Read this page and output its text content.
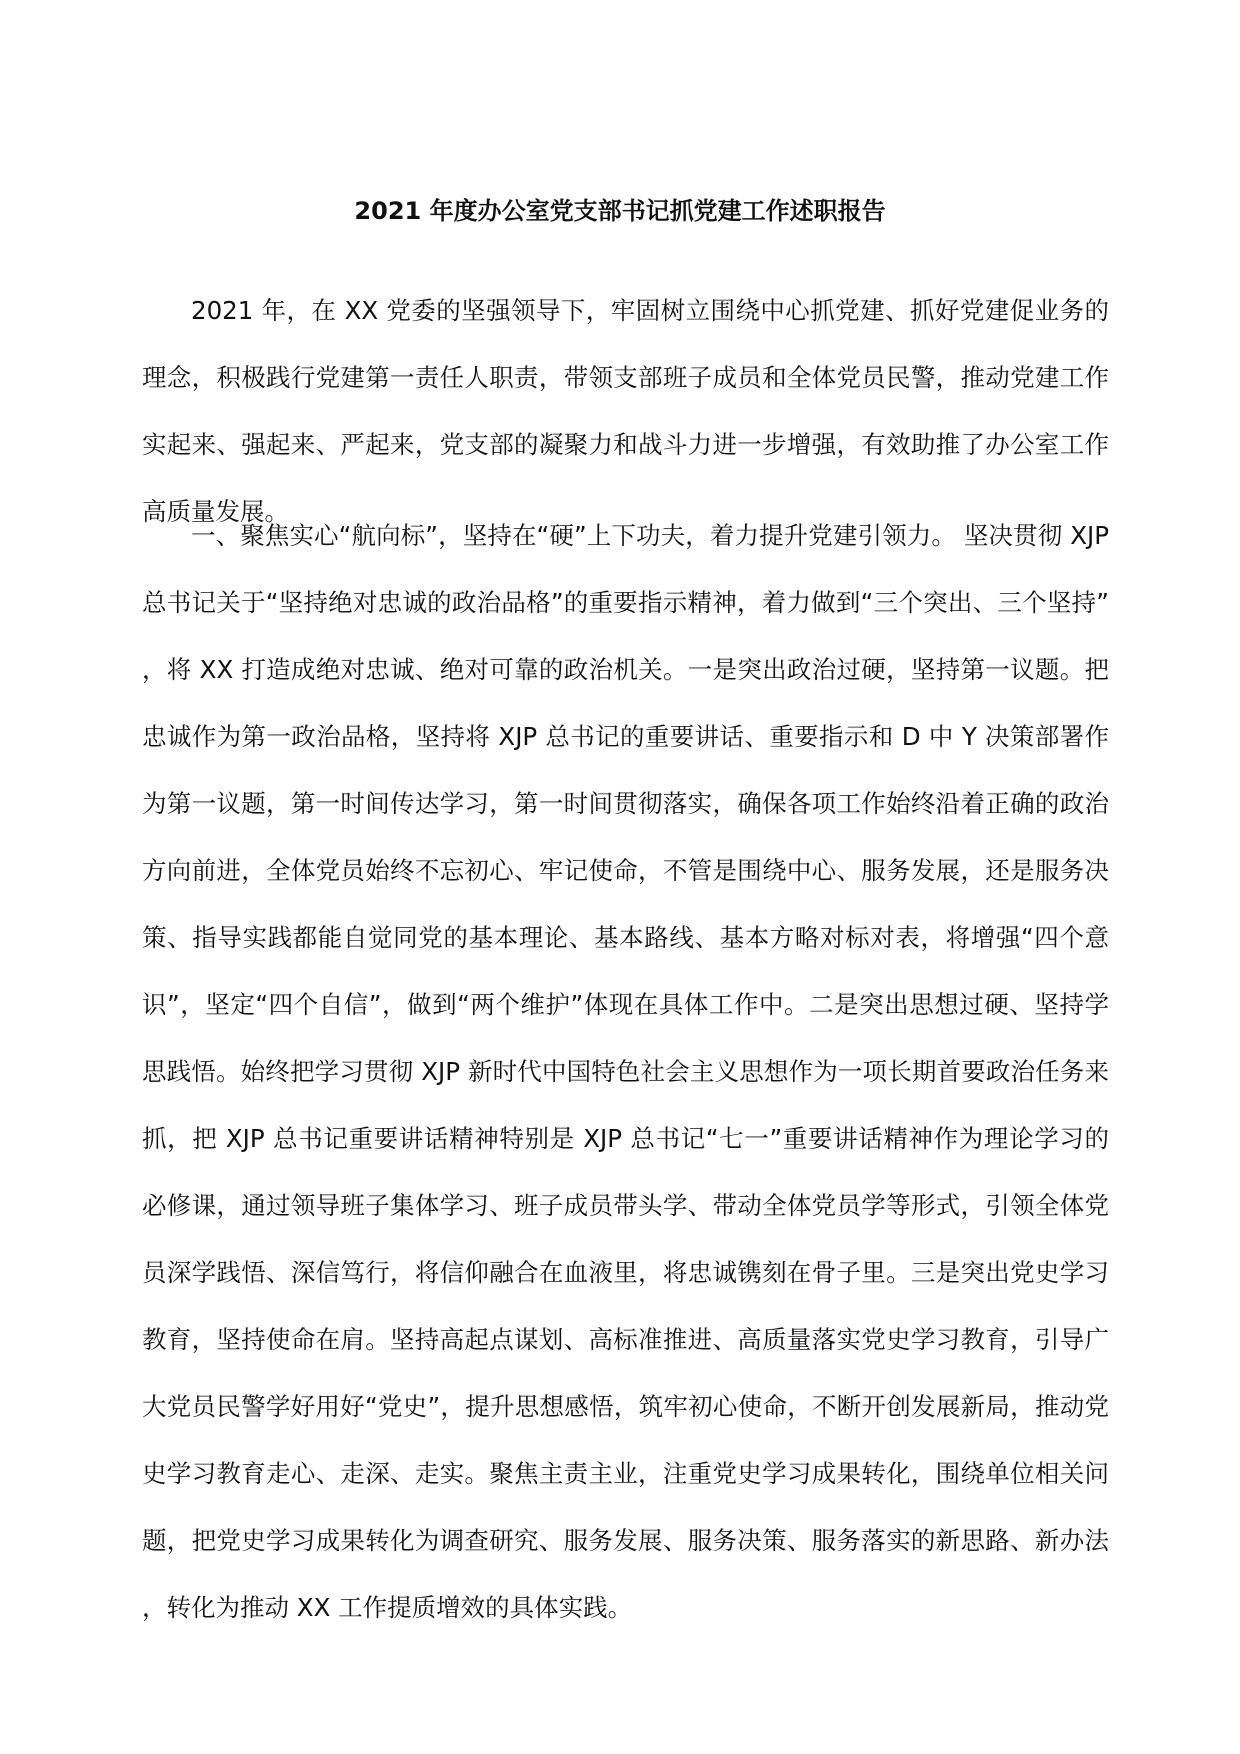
2021 年度办公室党支部书记抓党建工作述职报告

2021 年，在 XX 党委的坚强领导下，牢固树立围绕中心抓党建、抓好党建促业务的理念，积极践行党建第一责任人职责，带领支部班子成员和全体党员民警，推动党建工作实起来、强起来、严起来，党支部的凝聚力和战斗力进一步增强，有效助推了办公室工作高质量发展。

一、聚焦实心“航向标”，坚持在“硬”上下功夫，着力提升党建引领力。 坚决贯彻 XJP 总书记关于“坚持绝对忠诚的政治品格”的重要指示精神，着力做到“三个突出、三个坚持”，将 XX 打造成绝对忠诚、绝对可靠的政治机关。一是突出政治过硬，坚持第一议题。把忠诚作为第一政治品格，坚持将 XJP 总书记的重要讲话、重要指示和 D 中 Y 决策部署作为第一议题，第一时间传达学习，第一时间贯彻落实，确保各项工作始终沿着正确的政治方向前进，全体党员始终不忘初心、牢记使命，不管是围绕中心、服务发展，还是服务决策、指导实践都能自觉同党的基本理论、基本路线、基本方略对标对表，将增强“四个意识”，坚定“四个自信”，做到“两个维护”体现在具体工作中。二是突出思想过硬、坚持学思践悟。始终把学习贯彻 XJP 新时代中国特色社会主义思想作为一项长期首要政治任务来抓，把 XJP 总书记重要讲话精神特别是 XJP 总书记“七一”重要讲话精神作为理论学习的必修课，通过领导班子集体学习、班子成员带头学、带动全体党员学等形式，引领全体党员深学践悟、深信笃行，将信仰融合在血液里，将忠诚镌刻在骨子里。三是突出党史学习教育，坚持使命在肩。坚持高起点谋划、高标准推进、高质量落实党史学习教育，引导广大党员民警学好用好“党史”，提升思想感悟，筑牢初心使命，不断开创发展新局，推动党史学习教育走心、走深、走实。聚焦主责主业，注重党史学习成果转化，围绕单位相关问题，把党史学习成果转化为调查研究、服务发展、服务决策、服务落实的新思路、新办法，转化为推动 XX 工作提质增效的具体实践。
